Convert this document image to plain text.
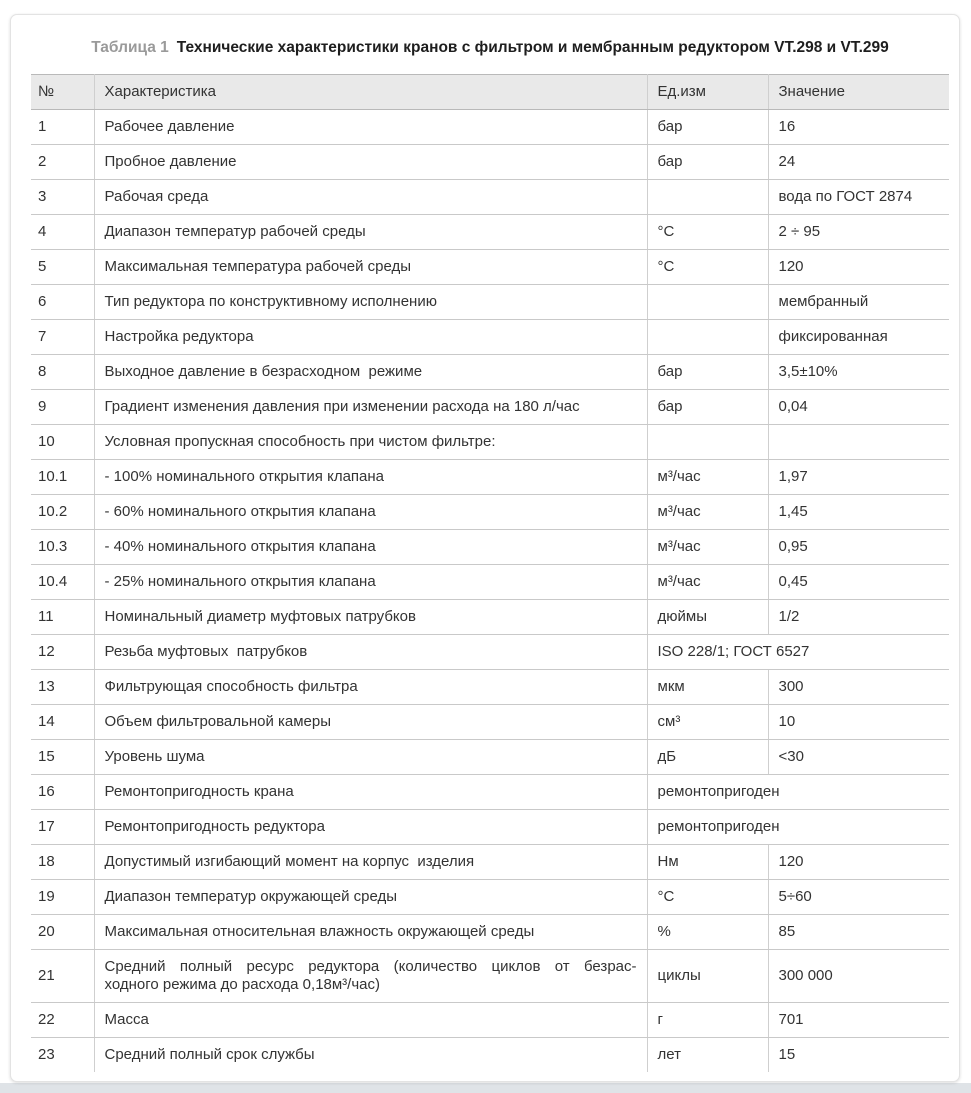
Таблица 1 Технические характеристики кранов с фильтром и мембранным редуктором VT.298 и VT.299
№	Характеристика	Ед.изм	Значение
1	Рабочее давление	бар	16
2	Пробное давление	бар	24
3	Рабочая среда		вода по ГОСТ 2874
4	Диапазон температур рабочей среды	°С	2 ÷ 95
5	Максимальная температура рабочей среды	°С	120
6	Тип редуктора по конструктивному исполнению		мембранный
7	Настройка редуктора		фиксированная
8	Выходное давление в безрасходном  режиме	бар	3,5±10%
9	Градиент изменения давления при изменении расхода на 180 л/час	бар	0,04
10	Условная пропускная способность при чистом фильтре:		
10.1	- 100% номинального открытия клапана	м³/час	1,97
10.2	- 60% номинального открытия клапана	м³/час	1,45
10.3	- 40% номинального открытия клапана	м³/час	0,95
10.4	- 25% номинального открытия клапана	м³/час	0,45
11	Номинальный диаметр муфтовых патрубков	дюймы	1/2
12	Резьба муфтовых  патрубков	ISO 228/1; ГОСТ 6527	
13	Фильтрующая способность фильтра	мкм	300
14	Объем фильтровальной камеры	см³	10
15	Уровень шума	дБ	<30
16	Ремонтопригодность крана	ремонтопригоден	
17	Ремонтопригодность редуктора	ремонтопригоден	
18	Допустимый изгибающий момент на корпус  изделия	Нм	120
19	Диапазон температур окружающей среды	°С	5÷60
20	Максимальная относительная влажность окружающей среды	%	85
21	Средний полный ресурс редуктора (количество циклов от безрас-
ходного режима до расхода 0,18м³/час)	циклы	300 000
22	Масса	г	701
23	Средний полный срок службы	лет	15
